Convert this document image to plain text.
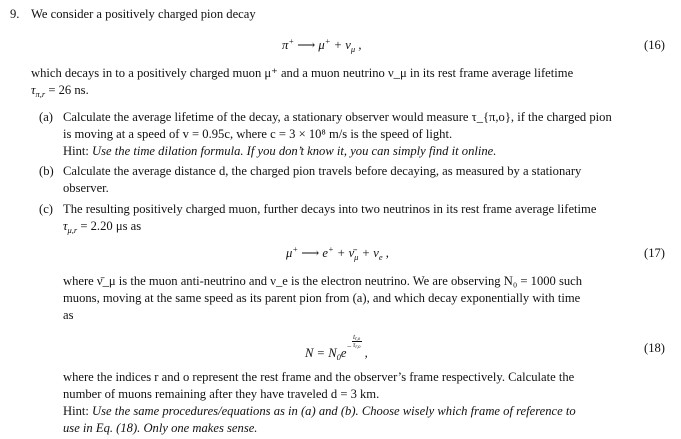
9. We consider a positively charged pion decay
π+ ⟶ $\mu^+ + \nu_\mu$ ,	(16)
which decays in to a positively charged muon μ⁺ and a muon neutrino ν_μ in its rest frame average lifetime
$\tau_{\pi,r} = 26$ ns.
(a) Calculate the average lifetime of the decay, a stationary observer would measure τ_{π,o}, if the charged pion
is moving at a speed of v = 0.95c, where c = 3 × 10⁸ m/s is the speed of light.
Hint: Use the time dilation formula. If you don’t know it, you can simply find it online.
(b) Calculate the average distance d, the charged pion travels before decaying, as measured by a stationary
observer.
(c) The resulting positively charged muon, further decays into two neutrinos in its rest frame average lifetime
$\tau_{\mu,r} = 2.20$ μs as
μ+ ⟶ $e^+ + \nū_\mu + \nu_e$ ,	(17)
where ν̄_μ is the muon anti-neutrino and ν_e is the electron neutrino. We are observing N₀ = 1000 such
muons, moving at the same speed as its parent pion from (a), and which decay exponentially with time
as
$N = N_0e^- \frac{t_{r,o}}{\tau_{r,o}}$
,	(18)
where the indices r and o represent the rest frame and the observer’s frame respectively. Calculate the
number of muons remaining after they have traveled d = 3 km.
Hint: Use the same procedures/equations as in (a) and (b). Choose wisely which frame of reference to
use in Eq. (18). Only one makes sense.
